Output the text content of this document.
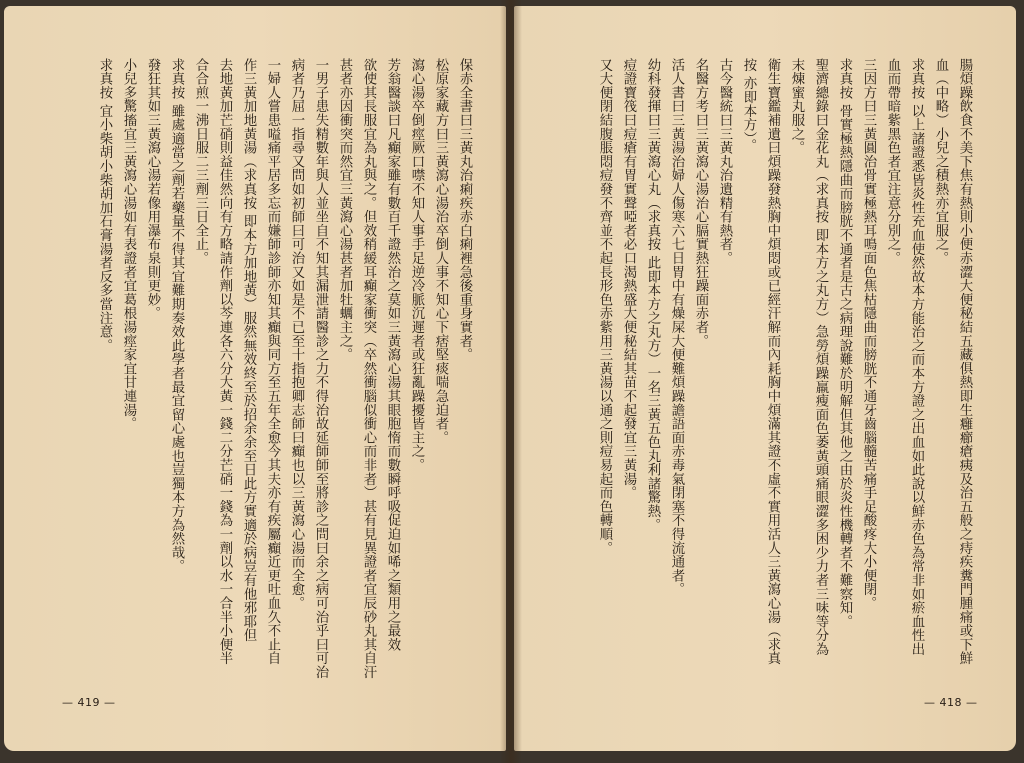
保赤全書曰三黃丸治痢疾赤白痢裡急後重身實者。
松原家藏方曰三黃瀉心湯治卒倒人事不知心下痞堅痰喘急迫者。
瀉心湯卒倒痙厥口噤不知人事手足逆冷脈沉遲者或狂亂躁擾皆主之。
芳翁醫談曰凡癲家雖有數百千證然治之莫如三黃瀉心湯其眼胞惰而數瞬呼吸促迫如唏之類用之最效
欲使其長服宜為丸與之。但效稍緩耳癲家衝突（卒然衝腦似衝心而非者）甚有見異證者宜辰砂丸其自汗
甚者亦因衝突而然宜三黃瀉心湯甚者加牡蠣主之。
一男子患失精數年與人並坐自不知其漏泄請醫診之力不得治故延師師至將診之問曰余之病可治乎曰可治
病者乃屈一指尋又問如初師曰可治又如是不已至十指抱卿志師曰癲也以三黃瀉心湯而全愈。
一婦人嘗患嗌痛平居多忘而嫌師診師亦知其癲與同方至五年全愈今其夫亦有疾屬癲近更吐血久不止自
作三黃加地黃湯（求真按 即本方加地黃）服然無效終至於招余余至日此方實適於病豈有他邪耶但
去地黃加芒硝則益佳然向有方略請作劑以芩連各六分大黃一錢二分芒硝一錢為一劑以水一合半小便半
合合煎一沸日服二三劑三日全止。
求真按 雖處適當之劑若藥量不得其宜難期奏效此學者最宜留心處也豈獨本方為然哉。
發狂其如三黃瀉心湯若像用瀑布泉則更妙。
小兒多驚搐宜三黃瀉心湯如有表證者宜葛根湯痙家宜甘連湯。
求真按 宜小柴胡小柴胡加石膏湯者反多當注意。
— 419 —
腸煩躁飲食不美下焦有熱則小便赤澀大便秘結五藏俱熱即生癰癤瘡痍及治五般之痔疾糞門腫痛或下鮮
血（中略）小兒之積熱亦宜服之。
求真按 以上諸證悉皆炎性充血使然故本方能治之而本方證之出血如此說以鮮赤色為常非如瘀血性出
血而帶暗紫黑色者宜注意分別之。
三因方曰三黃圓治骨實極熱耳鳴面色焦枯隱曲而膀胱不通牙齒腦髓苦痛手足酸疼大小便閉。
求真按 骨實極熱隱曲而膀胱不通者是古之病理說難於明解但其他之由於炎性機轉者不難察知。
聖濟總錄曰金花丸（求真按 即本方之丸方）急勞煩躁羸瘦面色萎黃頭痛眼澀多困少力者三味等分為
末煉蜜丸服之。
衛生寶鑑補遺曰煩躁發熱胸中煩悶或已經汗解而內耗胸中煩滿其證不虛不實用活人三黃瀉心湯（求真
按 亦即本方）。
古今醫統曰三黃丸治遺精有熱者。
名醫方考曰三黃瀉心湯治心膈實熱狂躁面赤者。
活人書曰三黃湯治婦人傷寒六七日胃中有燥屎大便難煩躁譫語面赤毒氣閉塞不得流通者。
幼科發揮曰三黃瀉心丸（求真按 此即本方之丸方）一名三黃五色丸利諸驚熱。
痘證寶筏曰痘瘡有胃實聲啞者必口渴熱盛大便秘結其苗不起發宜三黃湯。
又大便閉結腹脹悶痘發不齊並不起長形色赤紫用三黃湯以通之則痘易起而色轉順。
— 418 —
